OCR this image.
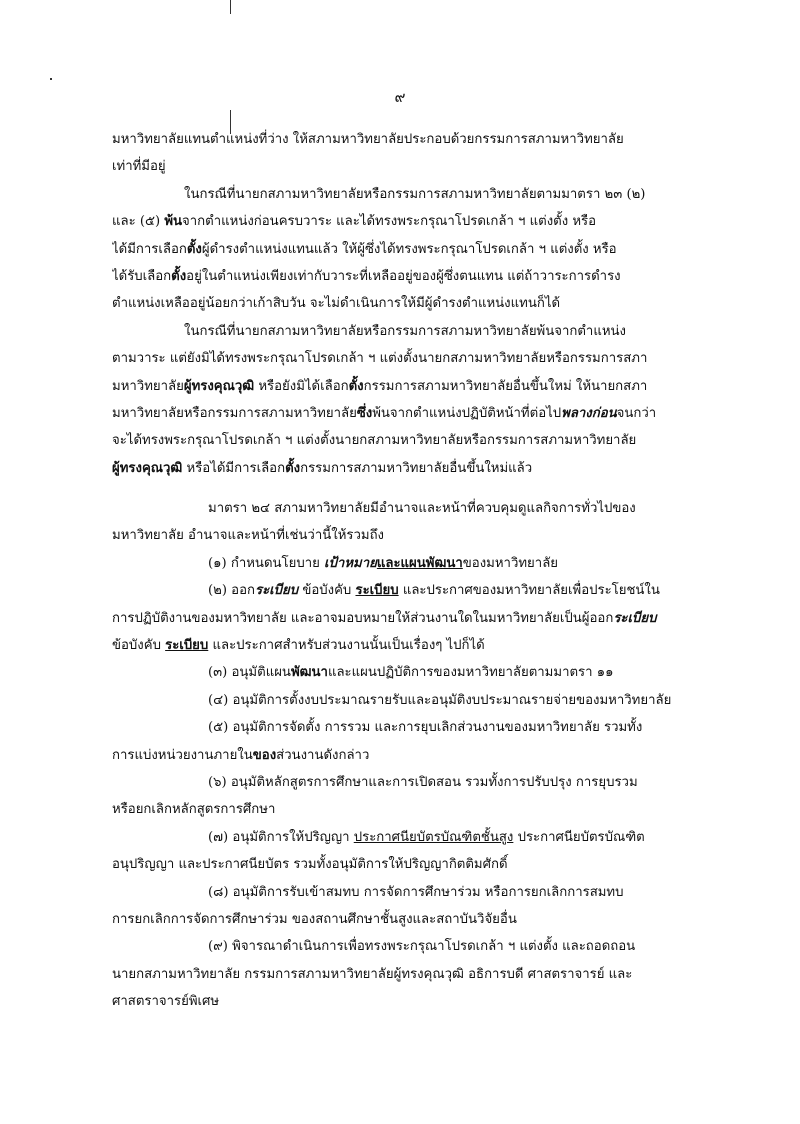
๙
มหาวิทยาลัยแทนตำแหน่งที่ว่าง ให้สภามหาวิทยาลัยประกอบด้วยกรรมการสภามหาวิทยาลัย
เท่าที่มีอยู่
ในกรณีที่นายกสภามหาวิทยาลัยหรือกรรมการสภามหาวิทยาลัยตามมาตรา ๒๓ (๒)
และ (๕) พ้นจากตำแหน่งก่อนครบวาระ และได้ทรงพระกรุณาโปรดเกล้า ฯ แต่งตั้ง หรือ
ได้มีการเลือกตั้งผู้ดำรงตำแหน่งแทนแล้ว ให้ผู้ซึ่งได้ทรงพระกรุณาโปรดเกล้า ฯ แต่งตั้ง หรือ
ได้รับเลือกตั้งอยู่ในตำแหน่งเพียงเท่ากับวาระที่เหลืออยู่ของผู้ซึ่งตนแทน แต่ถ้าวาระการดำรง
ตำแหน่งเหลืออยู่น้อยกว่าเก้าสิบวัน จะไม่ดำเนินการให้มีผู้ดำรงตำแหน่งแทนก็ได้
ในกรณีที่นายกสภามหาวิทยาลัยหรือกรรมการสภามหาวิทยาลัยพ้นจากตำแหน่ง
ตามวาระ แต่ยังมิได้ทรงพระกรุณาโปรดเกล้า ฯ แต่งตั้งนายกสภามหาวิทยาลัยหรือกรรมการสภา
มหาวิทยาลัยผู้ทรงคุณวุฒิ หรือยังมิได้เลือกตั้งกรรมการสภามหาวิทยาลัยอื่นขึ้นใหม่ ให้นายกสภา
มหาวิทยาลัยหรือกรรมการสภามหาวิทยาลัยซึ่งพ้นจากตำแหน่งปฏิบัติหน้าที่ต่อไปพลางก่อนจนกว่า
จะได้ทรงพระกรุณาโปรดเกล้า ฯ แต่งตั้งนายกสภามหาวิทยาลัยหรือกรรมการสภามหาวิทยาลัย
ผู้ทรงคุณวุฒิ หรือได้มีการเลือกตั้งกรรมการสภามหาวิทยาลัยอื่นขึ้นใหม่แล้ว
มาตรา ๒๔ สภามหาวิทยาลัยมีอำนาจและหน้าที่ควบคุมดูแลกิจการทั่วไปของ
มหาวิทยาลัย อำนาจและหน้าที่เช่นว่านี้ให้รวมถึง
(๑) กำหนดนโยบาย เป้าหมายและแผนพัฒนาของมหาวิทยาลัย
(๒) ออกระเบียบ ข้อบังคับ ระเบียบ และประกาศของมหาวิทยาลัยเพื่อประโยชน์ใน
การปฏิบัติงานของมหาวิทยาลัย และอาจมอบหมายให้ส่วนงานใดในมหาวิทยาลัยเป็นผู้ออกระเบียบ
ข้อบังคับ ระเบียบ และประกาศสำหรับส่วนงานนั้นเป็นเรื่องๆ ไปก็ได้
(๓) อนุมัติแผนพัฒนาและแผนปฏิบัติการของมหาวิทยาลัยตามมาตรา ๑๑
(๔) อนุมัติการตั้งงบประมาณรายรับและอนุมัติงบประมาณรายจ่ายของมหาวิทยาลัย
(๕) อนุมัติการจัดตั้ง การรวม และการยุบเลิกส่วนงานของมหาวิทยาลัย รวมทั้ง
การแบ่งหน่วยงานภายในของส่วนงานดังกล่าว
(๖) อนุมัติหลักสูตรการศึกษาและการเปิดสอน รวมทั้งการปรับปรุง การยุบรวม
หรือยกเลิกหลักสูตรการศึกษา
(๗) อนุมัติการให้ปริญญา ประกาศนียบัตรบัณฑิตชั้นสูง ประกาศนียบัตรบัณฑิต
อนุปริญญา และประกาศนียบัตร รวมทั้งอนุมัติการให้ปริญญากิตติมศักดิ์
(๘) อนุมัติการรับเข้าสมทบ การจัดการศึกษาร่วม หรือการยกเลิกการสมทบ
การยกเลิกการจัดการศึกษาร่วม ของสถานศึกษาชั้นสูงและสถาบันวิจัยอื่น
(๙) พิจารณาดำเนินการเพื่อทรงพระกรุณาโปรดเกล้า ฯ แต่งตั้ง และถอดถอน
นายกสภามหาวิทยาลัย กรรมการสภามหาวิทยาลัยผู้ทรงคุณวุฒิ อธิการบดี ศาสตราจารย์ และ
ศาสตราจารย์พิเศษ
